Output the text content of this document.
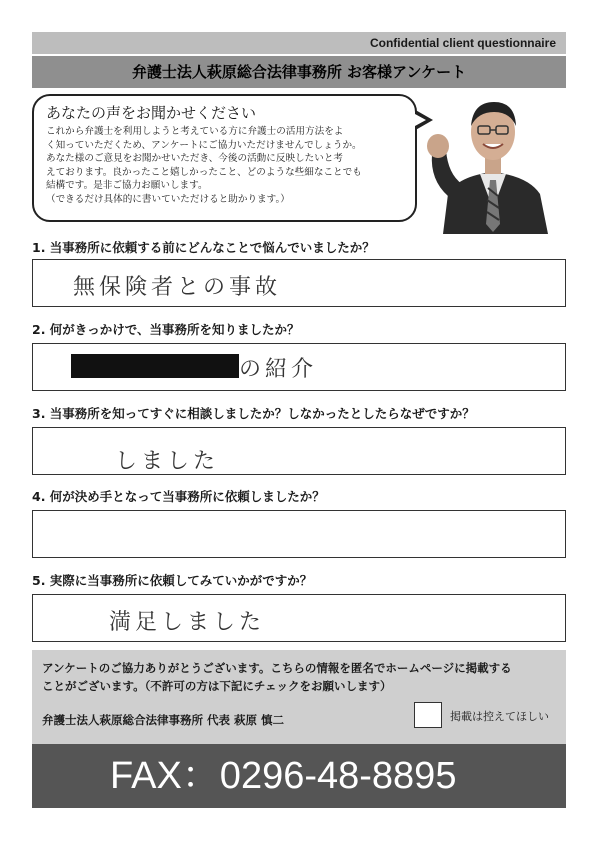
Confidential client questionnaire
弁護士法人萩原総合法律事務所 お客様アンケート
あなたの声をお聞かせください
これから弁護士を利用しようと考えている方に弁護士の活用方法をよ
く知っていただくため、アンケートにご協力いただけませんでしょうか。
あなた様のご意見をお聞かせいただき、今後の活動に反映したいと考
えております。良かったこと嬉しかったこと、どのような些細なことでも
結構です。是非ご協力お願いします。
（できるだけ具体的に書いていただけると助かります。）
1. 当事務所に依頼する前にどんなことで悩んでいましたか？
無保険者との事故
2. 何がきっかけで、当事務所を知りましたか？
の紹介
3. 当事務所を知ってすぐに相談しましたか？しなかったとしたらなぜですか？
しました
4. 何が決め手となって当事務所に依頼しましたか？
5. 実際に当事務所に依頼してみていかがですか？
満足しました
アンケートのご協力ありがとうございます。こちらの情報を匿名でホームページに掲載する
ことがございます。（不許可の方は下記にチェックをお願いします）
弁護士法人萩原総合法律事務所 代表 萩原 慎二	掲載は控えてほしい
FAX：0296-48-8895
